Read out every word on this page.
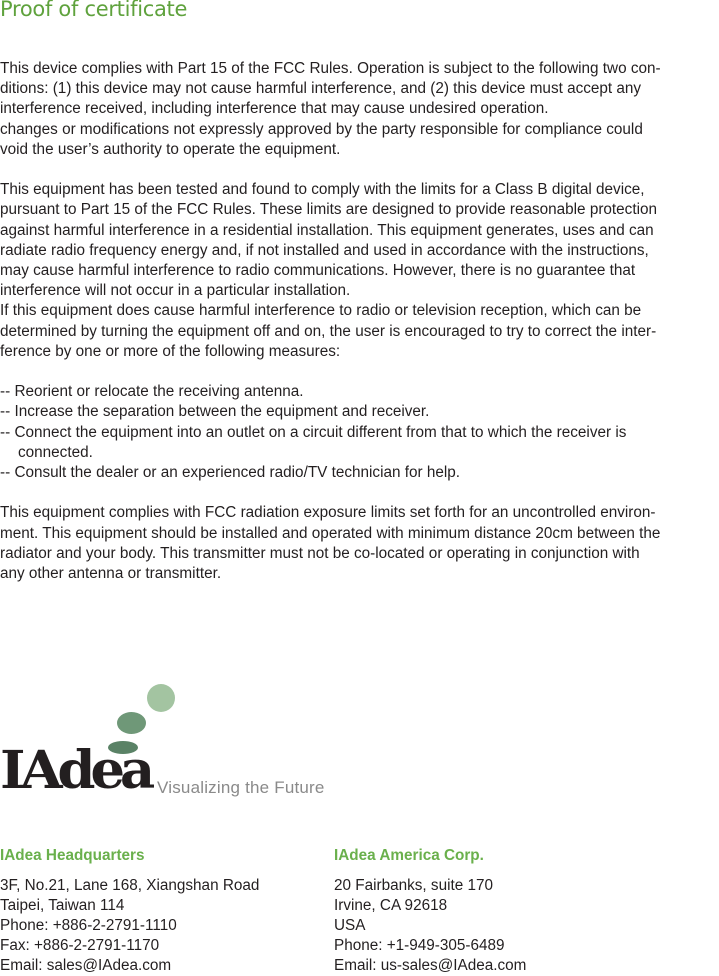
Proof of certificate

This device complies with Part 15 of the FCC Rules. Operation is subject to the following two con-

ditions: (1) this device may not cause harmful interference, and (2) this device must accept any

interference received, including interference that may cause undesired operation.

changes or modifications not expressly approved by the party responsible for compliance could

void the user’s authority to operate the equipment.

This equipment has been tested and found to comply with the limits for a Class B digital device,

pursuant to Part 15 of the FCC Rules. These limits are designed to provide reasonable protection

against harmful interference in a residential installation. This equipment generates, uses and can

radiate radio frequency energy and, if not installed and used in accordance with the instructions,

may cause harmful interference to radio communications. However, there is no guarantee that

interference will not occur in a particular installation.

If this equipment does cause harmful interference to radio or television reception, which can be

determined by turning the equipment off and on, the user is encouraged to try to correct the inter-

ference by one or more of the following measures:

-- Reorient or relocate the receiving antenna.

-- Increase the separation between the equipment and receiver.

-- Connect the equipment into an outlet on a circuit different from that to which the receiver is

connected.

-- Consult the dealer or an experienced radio/TV technician for help.

This equipment complies with FCC radiation exposure limits set forth for an uncontrolled environ-

ment. This equipment should be installed and operated with minimum distance 20cm between the

radiator and your body. This transmitter must not be co-located or operating in conjunction with

any other antenna or transmitter.

IAdea Visualizing the Future
IAdea Headquarters
3F, No.21, Lane 168, Xiangshan Road
Taipei, Taiwan 114
Phone: +886-2-2791-1110
Fax: +886-2-2791-1170
Email: sales@IAdea.com
IAdea America Corp.
20 Fairbanks, suite 170
Irvine, CA 92618
USA
Phone: +1-949-305-6489
Email: us-sales@IAdea.com
